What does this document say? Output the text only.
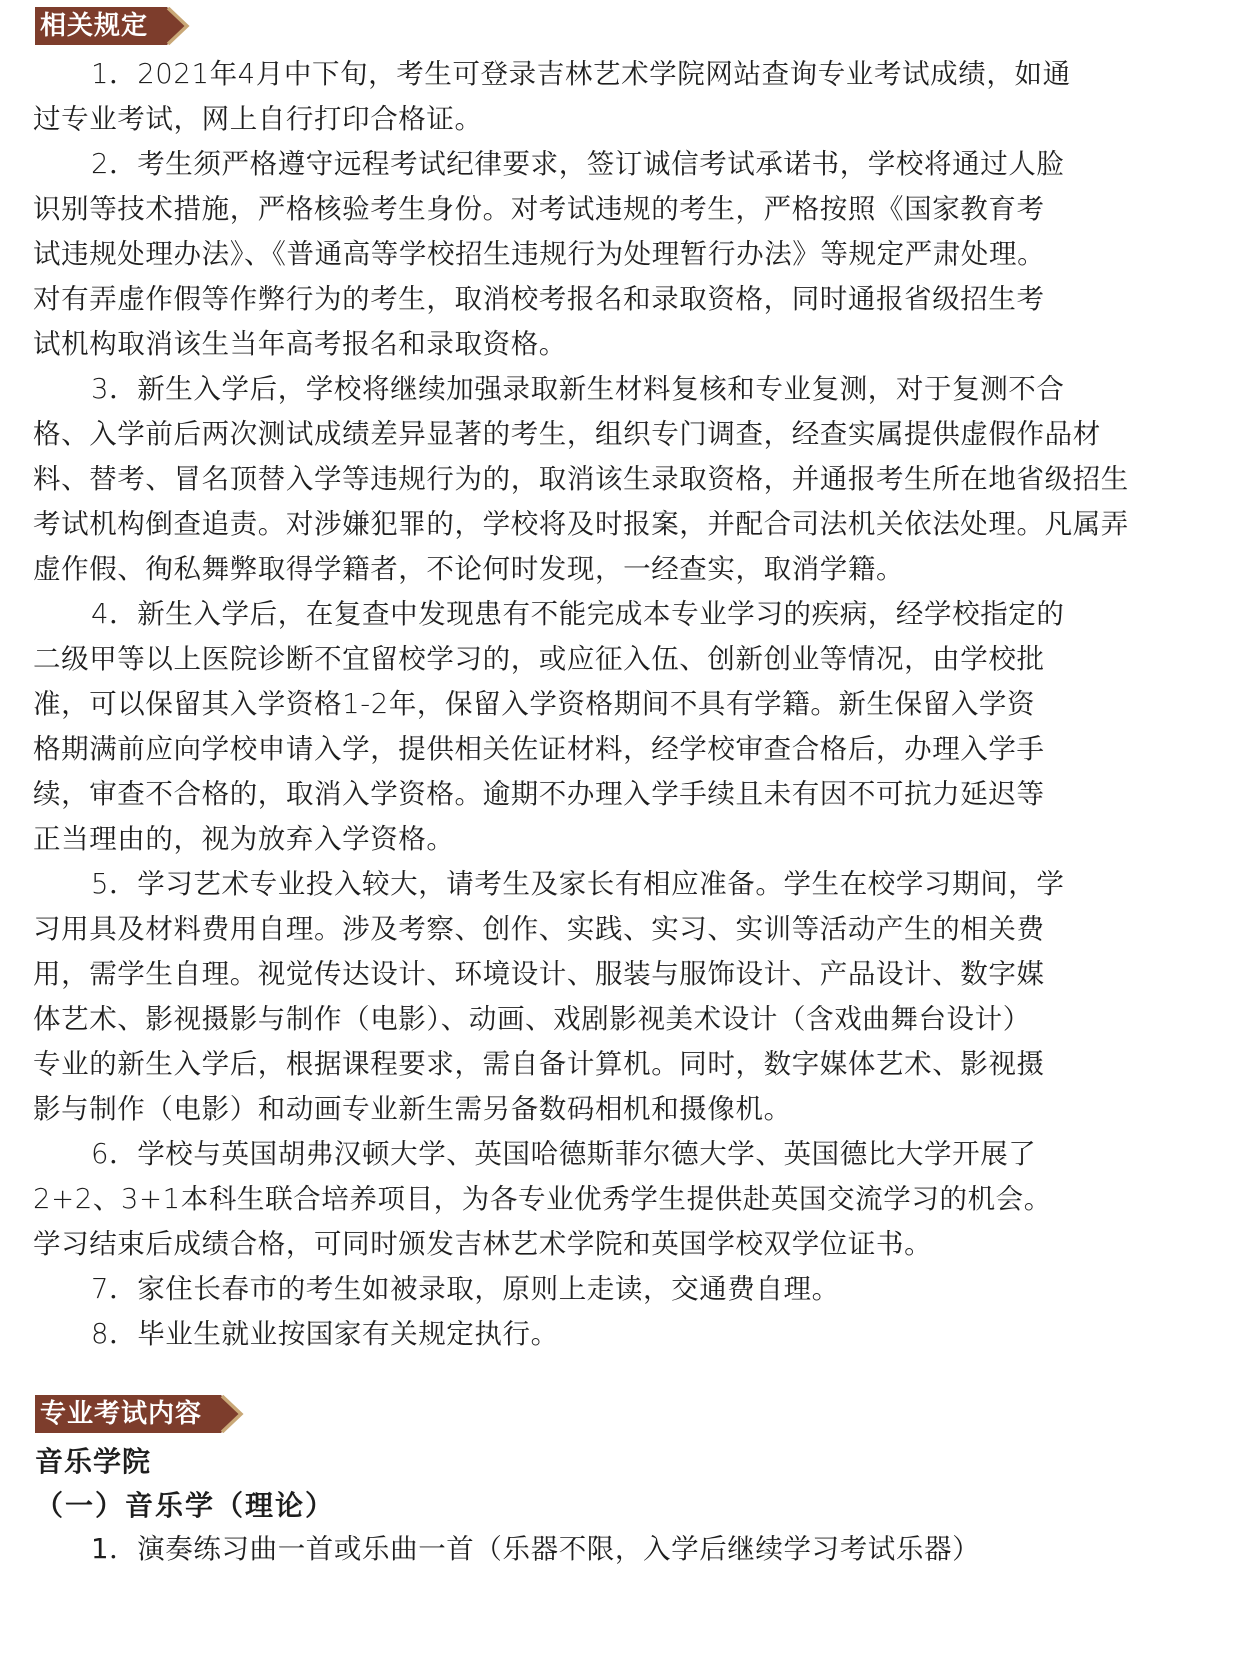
相关规定
1．2021年4月中下旬，考生可登录吉林艺术学院网站查询专业考试成绩，如通
过专业考试，网上自行打印合格证。
2．考生须严格遵守远程考试纪律要求，签订诚信考试承诺书，学校将通过人脸
识别等技术措施，严格核验考生身份。对考试违规的考生，严格按照《国家教育考
试违规处理办法》、《普通高等学校招生违规行为处理暂行办法》等规定严肃处理。
对有弄虚作假等作弊行为的考生，取消校考报名和录取资格，同时通报省级招生考
试机构取消该生当年高考报名和录取资格。
3．新生入学后，学校将继续加强录取新生材料复核和专业复测，对于复测不合
格、入学前后两次测试成绩差异显著的考生，组织专门调查，经查实属提供虚假作品材
料、替考、冒名顶替入学等违规行为的，取消该生录取资格，并通报考生所在地省级招生
考试机构倒查追责。对涉嫌犯罪的，学校将及时报案，并配合司法机关依法处理。凡属弄
虚作假、徇私舞弊取得学籍者，不论何时发现，一经查实，取消学籍。
4．新生入学后，在复查中发现患有不能完成本专业学习的疾病，经学校指定的
二级甲等以上医院诊断不宜留校学习的，或应征入伍、创新创业等情况，由学校批
准，可以保留其入学资格1-2年，保留入学资格期间不具有学籍。新生保留入学资
格期满前应向学校申请入学，提供相关佐证材料，经学校审查合格后，办理入学手
续，审查不合格的，取消入学资格。逾期不办理入学手续且未有因不可抗力延迟等
正当理由的，视为放弃入学资格。
5．学习艺术专业投入较大，请考生及家长有相应准备。学生在校学习期间，学
习用具及材料费用自理。涉及考察、创作、实践、实习、实训等活动产生的相关费
用，需学生自理。视觉传达设计、环境设计、服装与服饰设计、产品设计、数字媒
体艺术、影视摄影与制作（电影）、动画、戏剧影视美术设计（含戏曲舞台设计）
专业的新生入学后，根据课程要求，需自备计算机。同时，数字媒体艺术、影视摄
影与制作（电影）和动画专业新生需另备数码相机和摄像机。
6．学校与英国胡弗汉顿大学、英国哈德斯菲尔德大学、英国德比大学开展了
2+2、3+1本科生联合培养项目，为各专业优秀学生提供赴英国交流学习的机会。
学习结束后成绩合格，可同时颁发吉林艺术学院和英国学校双学位证书。
7．家住长春市的考生如被录取，原则上走读，交通费自理。
8．毕业生就业按国家有关规定执行。
专业考试内容
音乐学院
（一）音乐学（理论）
1．演奏练习曲一首或乐曲一首（乐器不限，入学后继续学习考试乐器）
